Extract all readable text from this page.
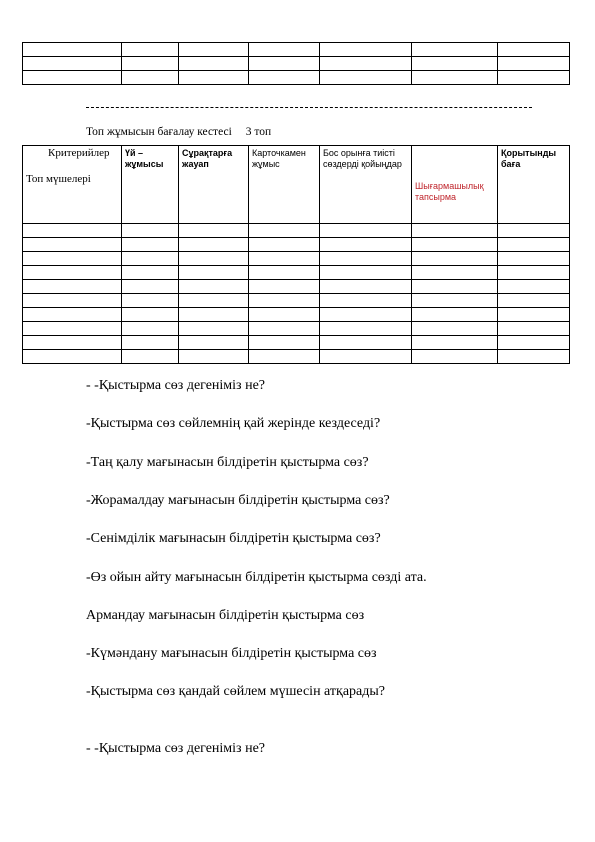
Топ жұмысын бағалау кестесі 3 топ
Критерийлер
Топ мүшелері	Үй – жұмысы	Сұрақтарға жауап	Карточкамен жұмыс	Бос орынға тиісті сөздерді қойыңдар	Шығармашылық тапсырма	Қорытынды баға

- -Қыстырма сөз дегеніміз не?
-Қыстырма сөз сөйлемнің қай жерінде кездеседі?
-Таң қалу мағынасын білдіретін қыстырма сөз?
-Жорамалдау мағынасын білдіретін қыстырма сөз?
-Сенімділік мағынасын білдіретін қыстырма сөз?
-Өз ойын айту мағынасын білдіретін қыстырма сөзді ата.
Армандау мағынасын білдіретін қыстырма сөз
-Күмәндану мағынасын білдіретін қыстырма сөз
-Қыстырма сөз қандай сөйлем мүшесін атқарады?
- -Қыстырма сөз дегеніміз не?
